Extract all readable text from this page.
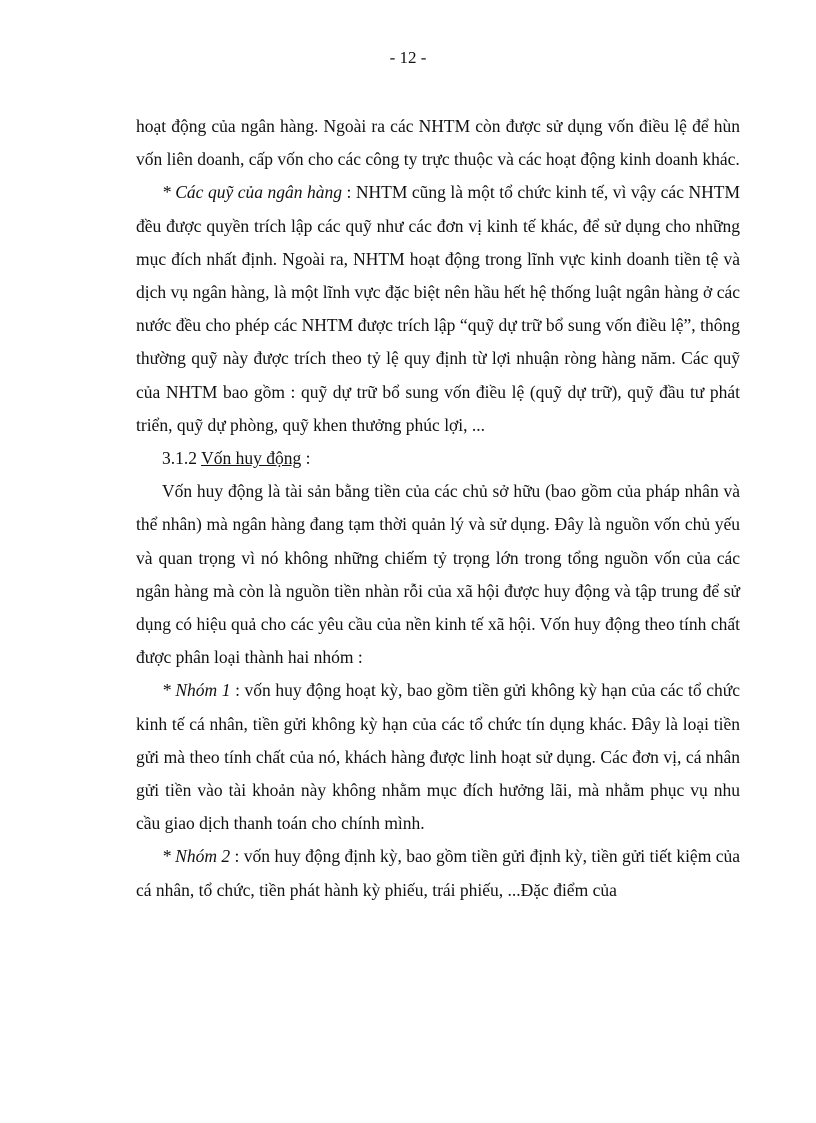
- 12 -

hoạt động của ngân hàng. Ngoài ra các NHTM còn được sử dụng vốn điều lệ để hùn vốn liên doanh, cấp vốn cho các công ty trực thuộc và các hoạt động kinh doanh khác.

* Các quỹ của ngân hàng : NHTM cũng là một tổ chức kinh tế, vì vậy các NHTM đều được quyền trích lập các quỹ như các đơn vị kinh tế khác, để sử dụng cho những mục đích nhất định. Ngoài ra, NHTM hoạt động trong lĩnh vực kinh doanh tiền tệ và dịch vụ ngân hàng, là một lĩnh vực đặc biệt nên hầu hết hệ thống luật ngân hàng ở các nước đều cho phép các NHTM được trích lập “quỹ dự trữ bổ sung vốn điều lệ”, thông thường quỹ này được trích theo tỷ lệ quy định từ lợi nhuận ròng hàng năm. Các quỹ của NHTM bao gồm : quỹ dự trữ bổ sung vốn điều lệ (quỹ dự trữ), quỹ đầu tư phát triển, quỹ dự phòng, quỹ khen thưởng phúc lợi, ...

3.1.2 Vốn huy động :

Vốn huy động là tài sản bằng tiền của các chủ sở hữu (bao gồm của pháp nhân và thể nhân) mà ngân hàng đang tạm thời quản lý và sử dụng. Đây là nguồn vốn chủ yếu và quan trọng vì nó không những chiếm tỷ trọng lớn trong tổng nguồn vốn của các ngân hàng mà còn là nguồn tiền nhàn rỗi của xã hội được huy động và tập trung để sử dụng có hiệu quả cho các yêu cầu của nền kinh tế xã hội. Vốn huy động theo tính chất được phân loại thành hai nhóm :

* Nhóm 1 : vốn huy động hoạt kỳ, bao gồm tiền gửi không kỳ hạn của các tổ chức kinh tế cá nhân, tiền gửi không kỳ hạn của các tổ chức tín dụng khác. Đây là loại tiền gửi mà theo tính chất của nó, khách hàng được linh hoạt sử dụng. Các đơn vị, cá nhân gửi tiền vào tài khoản này không nhằm mục đích hưởng lãi, mà nhằm phục vụ nhu cầu giao dịch thanh toán cho chính mình.

* Nhóm 2 : vốn huy động định kỳ, bao gồm tiền gửi định kỳ, tiền gửi tiết kiệm của cá nhân, tổ chức, tiền phát hành kỳ phiếu, trái phiếu, ...Đặc điểm của
